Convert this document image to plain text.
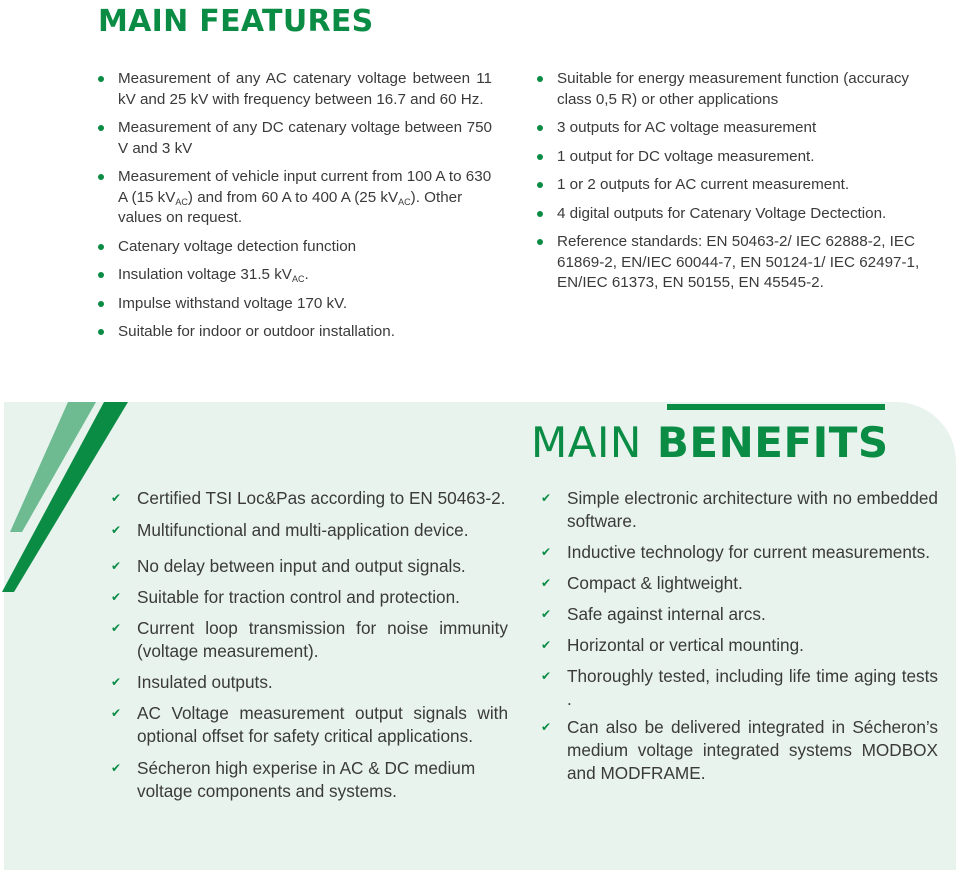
MAIN FEATURES
Measurement of any AC catenary voltage between 11 kV and 25 kV with frequency between 16.7 and 60 Hz.
Measurement of any DC catenary voltage between 750 V and 3 kV
Measurement of vehicle input current from 100 A to 630 A (15 $kV_{AC}$) and from 60 A to 400 A (25 $kV_{AC}$). Other values on request.
Catenary voltage detection function
Insulation voltage 31.5 $kV_{AC}$.
Impulse withstand voltage 170 kV.
Suitable for indoor or outdoor installation.
Suitable for energy measurement function (accuracy class 0,5 R) or other applications
3 outputs for AC voltage measurement
1 output for DC voltage measurement.
1 or 2 outputs for AC current measurement.
4 digital outputs for Catenary Voltage Dectection.
Reference standards: EN 50463-2/ IEC 62888-2, IEC 61869-2, EN/IEC 60044-7, EN 50124-1/ IEC 62497-1, EN/IEC 61373, EN 50155, EN 45545-2.
MAIN BENEFITS
✔ Certified TSI Loc&Pas according to EN 50463-2.
✔ Multifunctional and multi-application device.
✔ No delay between input and output signals.
✔ Suitable for traction control and protection.
✔ Current loop transmission for noise immunity (voltage measurement).
✔ Insulated outputs.
✔ AC Voltage measurement output signals with optional offset for safety critical applications.
✔ Sécheron high experise in AC & DC medium voltage components and systems.
✔ Simple electronic architecture with no embedded software.
✔ Inductive technology for current measurements.
✔ Compact & lightweight.
✔ Safe against internal arcs.
✔ Horizontal or vertical mounting.
✔ Thoroughly tested, including life time aging tests .
✔ Can also be delivered integrated in Sécheron’s medium voltage integrated systems MODBOX and MODFRAME.
